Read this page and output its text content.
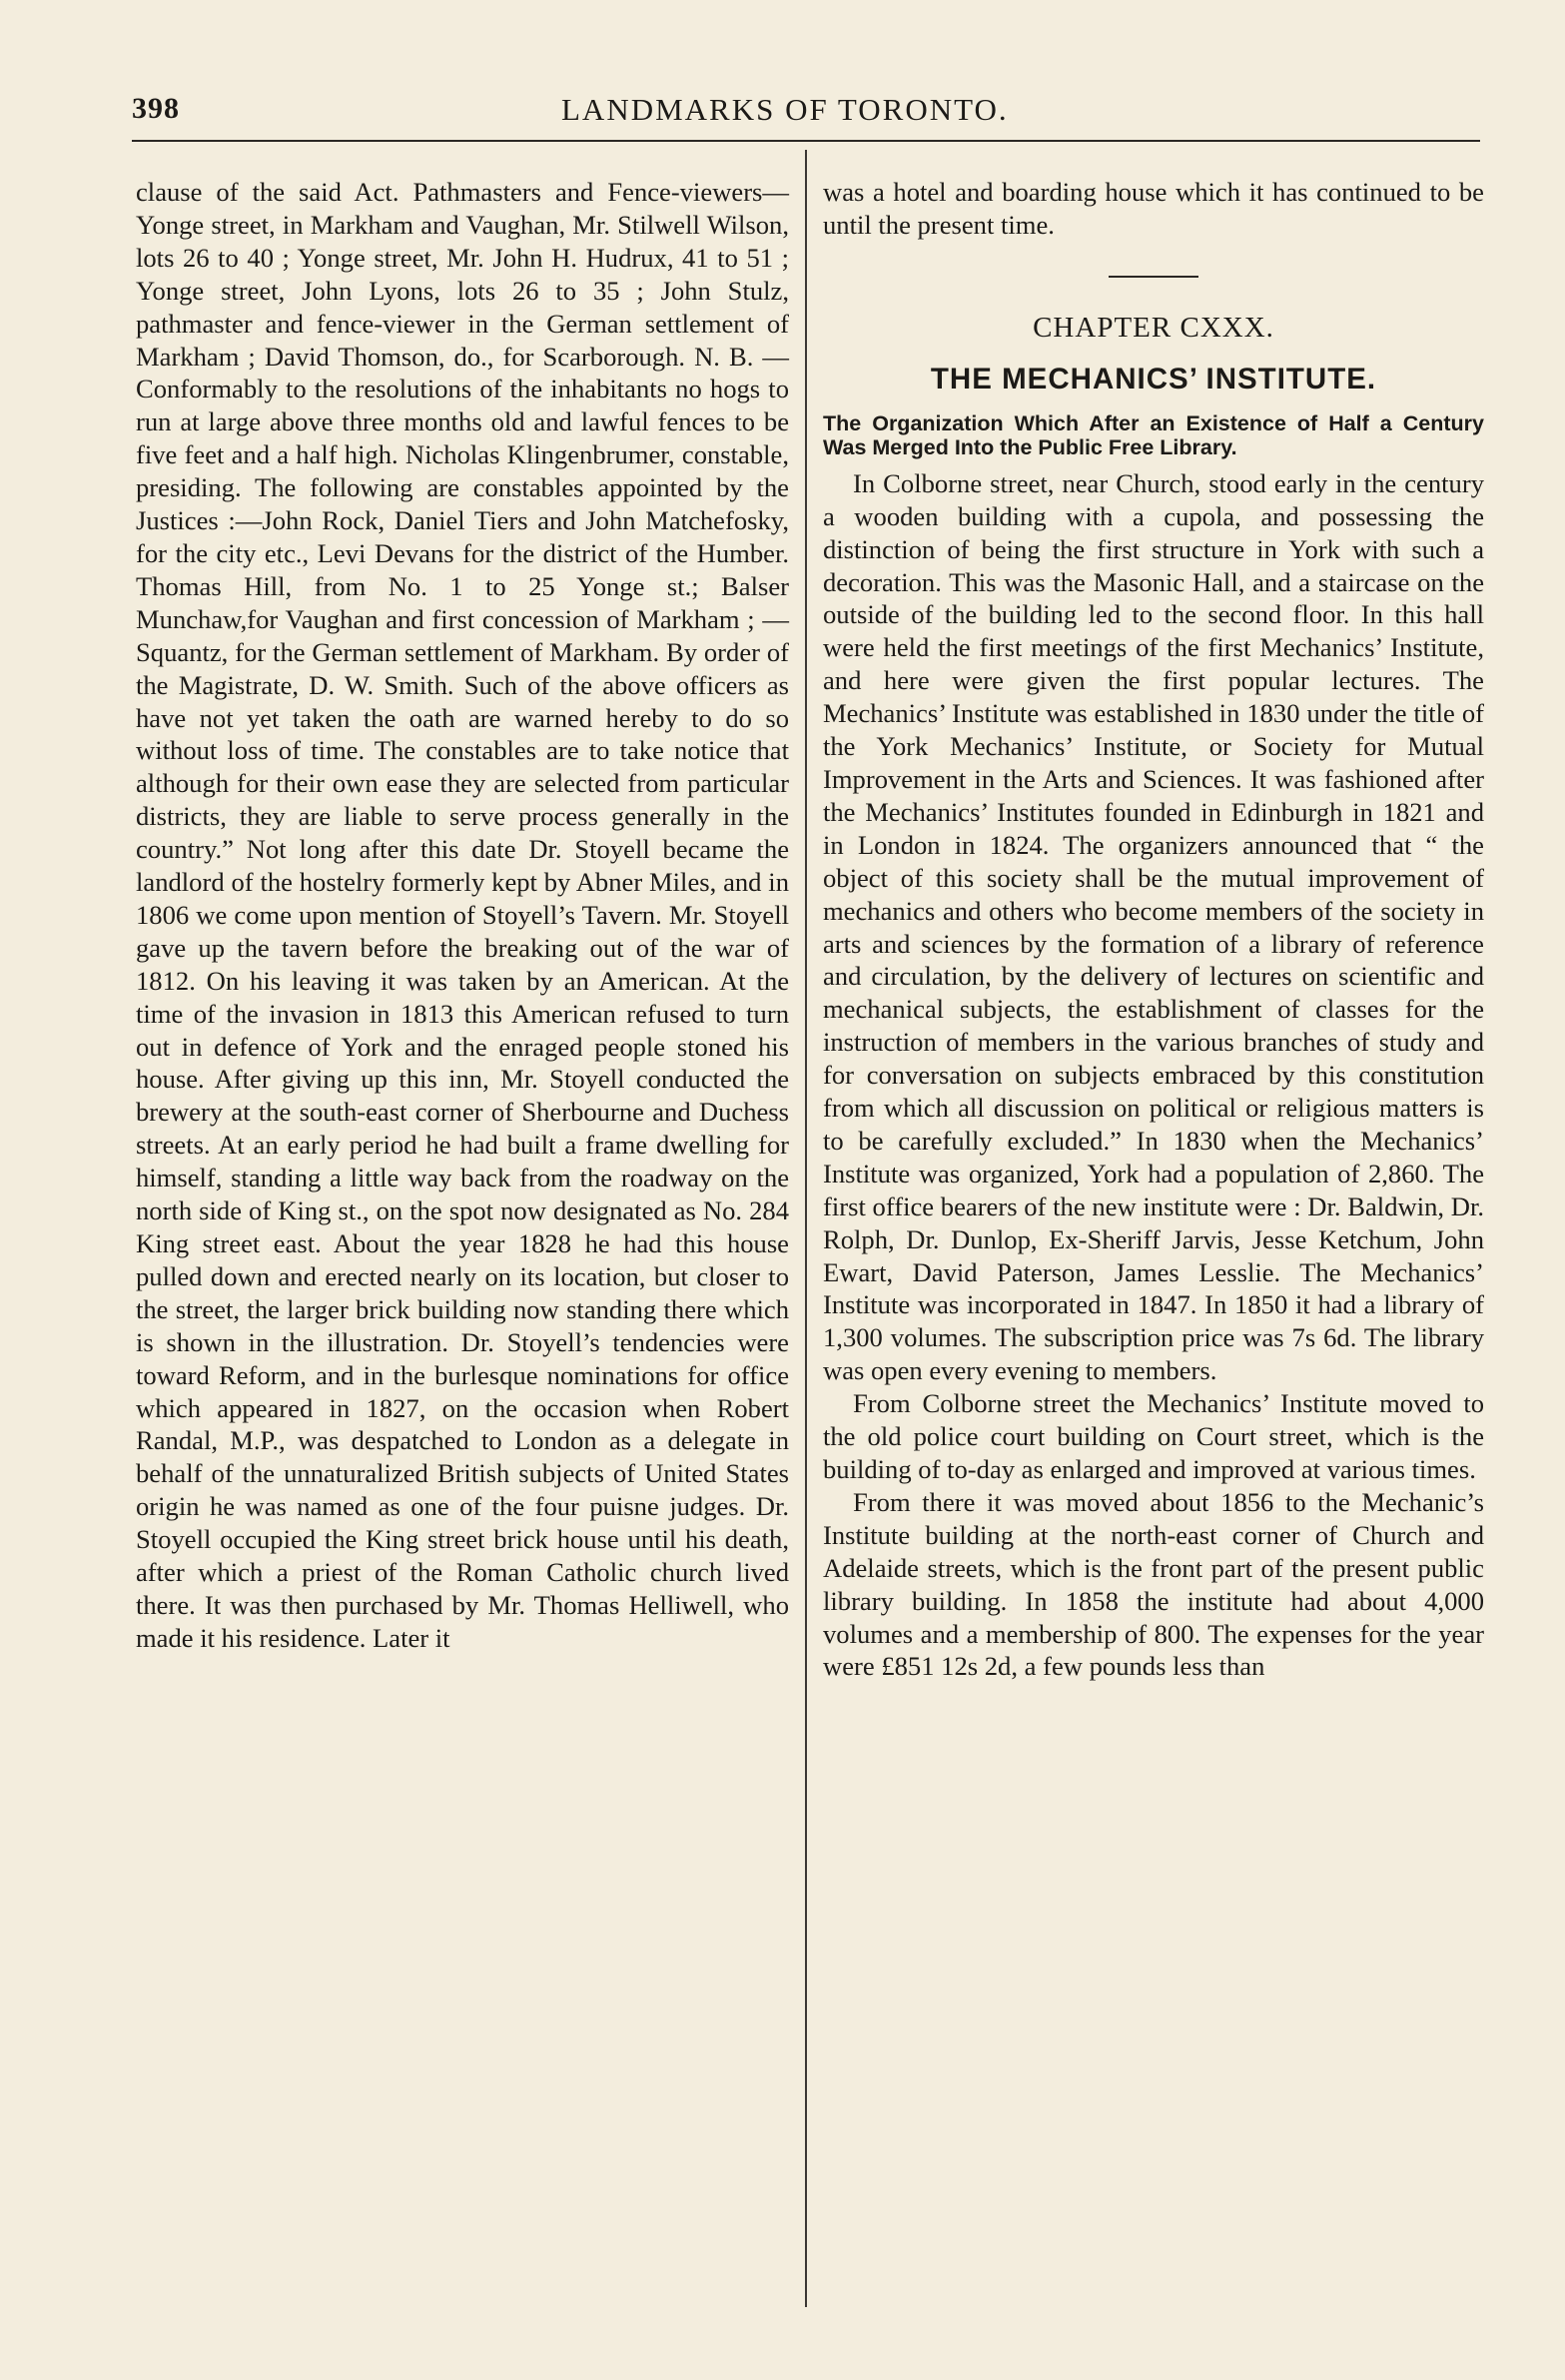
398	LANDMARKS OF TORONTO.

clause of the said Act. Pathmasters and Fence-viewers—Yonge street, in Markham and Vaughan, Mr. Stilwell Wilson, lots 26 to 40 ; Yonge street, Mr. John H. Hudrux, 41 to 51 ; Yonge street, John Lyons, lots 26 to 35 ; John Stulz, pathmaster and fence-viewer in the German settlement of Markham ; David Thomson, do., for Scarborough. N. B. — Conformably to the resolutions of the inhabitants no hogs to run at large above three months old and lawful fences to be five feet and a half high. Nicholas Klingenbrumer, constable, presiding. The following are constables appointed by the Justices :—John Rock, Daniel Tiers and John Matchefosky, for the city etc., Levi Devans for the district of the Humber. Thomas Hill, from No. 1 to 25 Yonge st.; Balser Munchaw,for Vaughan and first concession of Markham ; — Squantz, for the German settlement of Markham. By order of the Magistrate, D. W. Smith. Such of the above officers as have not yet taken the oath are warned hereby to do so without loss of time. The constables are to take notice that although for their own ease they are selected from particular districts, they are liable to serve process generally in the country.” Not long after this date Dr. Stoyell became the landlord of the hostelry formerly kept by Abner Miles, and in 1806 we come upon mention of Stoyell’s Tavern. Mr. Stoyell gave up the tavern before the breaking out of the war of 1812. On his leaving it was taken by an American. At the time of the invasion in 1813 this American refused to turn out in defence of York and the enraged people stoned his house. After giving up this inn, Mr. Stoyell conducted the brewery at the south-east corner of Sherbourne and Duchess streets. At an early period he had built a frame dwelling for himself, standing a little way back from the roadway on the north side of King st., on the spot now designated as No. 284 King street east. About the year 1828 he had this house pulled down and erected nearly on its location, but closer to the street, the larger brick building now standing there which is shown in the illustration. Dr. Stoyell’s tendencies were toward Reform, and in the burlesque nominations for office which appeared in 1827, on the occasion when Robert Randal, M.P., was despatched to London as a delegate in behalf of the unnaturalized British subjects of United States origin he was named as one of the four puisne judges. Dr. Stoyell occupied the King street brick house until his death, after which a priest of the Roman Catholic church lived there. It was then purchased by Mr. Thomas Helliwell, who made it his residence. Later it

was a hotel and boarding house which it has continued to be until the present time.

CHAPTER CXXX.
THE MECHANICS’ INSTITUTE.
The Organization Which After an Existence of Half a Century Was Merged Into the Public Free Library.

In Colborne street, near Church, stood early in the century a wooden building with a cupola, and possessing the distinction of being the first structure in York with such a decoration. This was the Masonic Hall, and a staircase on the outside of the building led to the second floor. In this hall were held the first meetings of the first Mechanics’ Institute, and here were given the first popular lectures. The Mechanics’ Institute was established in 1830 under the title of the York Mechanics’ Institute, or Society for Mutual Improvement in the Arts and Sciences. It was fashioned after the Mechanics’ Institutes founded in Edinburgh in 1821 and in London in 1824. The organizers announced that “ the object of this society shall be the mutual improvement of mechanics and others who become members of the society in arts and sciences by the formation of a library of reference and circulation, by the delivery of lectures on scientific and mechanical subjects, the establishment of classes for the instruction of members in the various branches of study and for conversation on subjects embraced by this constitution from which all discussion on political or religious matters is to be carefully excluded.” In 1830 when the Mechanics’ Institute was organized, York had a population of 2,860. The first office bearers of the new institute were : Dr. Baldwin, Dr. Rolph, Dr. Dunlop, Ex-Sheriff Jarvis, Jesse Ketchum, John Ewart, David Paterson, James Lesslie. The Mechanics’ Institute was incorporated in 1847. In 1850 it had a library of 1,300 volumes. The subscription price was 7s 6d. The library was open every evening to members.

From Colborne street the Mechanics’ Institute moved to the old police court building on Court street, which is the building of to-day as enlarged and improved at various times.

From there it was moved about 1856 to the Mechanic’s Institute building at the north-east corner of Church and Adelaide streets, which is the front part of the present public library building. In 1858 the institute had about 4,000 volumes and a membership of 800. The expenses for the year were £851 12s 2d, a few pounds less than
